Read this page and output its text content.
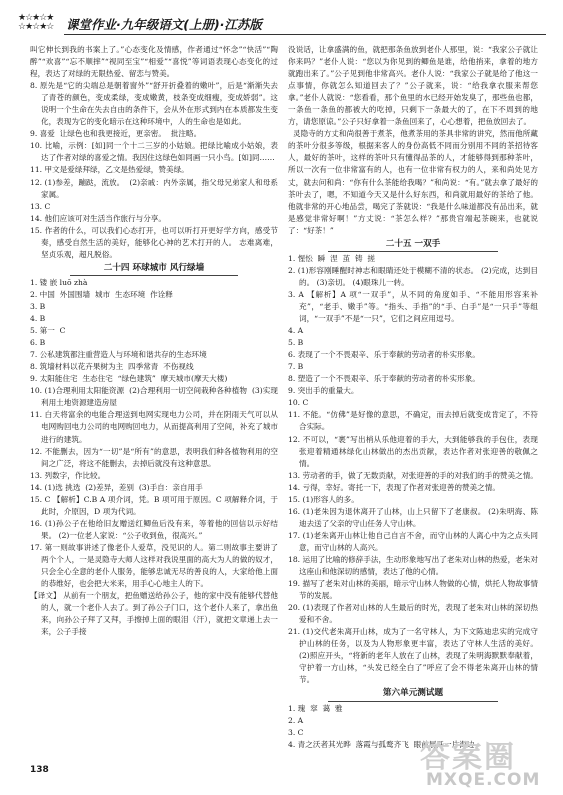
★☆★☆★
☆★☆★☆	课堂作业·九年级语文(上册)·江苏版

叫它伸长到我的书案上了。”心态变化及情感，作者通过“怀念”“快活”“陶醉”“欢喜”“忘不顺摔”“视同至宝”“相爱”“喜悦”等词语表现心态变化的过程，表达了对绿的无限热爱、留恋与赞美。

8. 原先是“它的尖端总是朝着窗外”“舒开折叠着的嫩叶”，后是“渐渐失去了青苍的颜色，变成柔绿，变成嫩黄，枝条变成细瘦，变成娇弱”。这说明一个生命在失去自由的条件下，会从外在形式到内在本质都发生变化，表现为它的变化暗示在这种环境中，人的生命也是如此。

9. 喜爱  让绿色也和我更接近，更亲密。  批注略。

10. 比喻，示例：[如]同一个十二三岁的小姑娘。把绿比喻成小姑娘，表达了作者对绿的喜爱之情。我因住这绿色如同画一只小鸟。[如]同……

11. 甲文是爱绿拜绿，乙文是热爱绿，赞美绿。

12. (1)参差，蹦跶，流放。  (2)亲戚：内外亲属，指父母兄弟家人和母系家属。

13. C

14. 他们应该可对生活当作旅行与分享。

15. 作者的什么，可以我们心态打开，也可以听打开更好学方向，感受节奏，感受自然生活的美好，能够化心神的艺术打开的人。 志难离难，坚贞乐观，超凡脱俗。

二十四 环球城市 风行绿墙

1. 镂 嵌 luō zhà

2. 中国  外国围墙  城市  生态环境  作诠释

3. B

4. B

5. 第一  C

6. B

7. 公私建筑都注重营造人与环境和谐共存的生态环境

8. 筑墙材料以花卉果树为主  四季常青  不伤视线

9. 太阳能住宅  生态住宅  “绿色建筑”  摩天城市(摩天大楼)

10. (1)合理利用太阳能资源  (2)合理利用一切空间栽种各种植物  (3)实现利用土地资源建造房屋

11. 白天将富余的电能合理送到电网实现电力公司，并在阴雨天气可以从电网购回电力公司的电网购回电力，从而提高利用了空间，补充了城市进行的建筑。

12. 不能删去，因为“一切”是“所有”的意思，表明我们种各植物利用的空间之广泛，将这不能删去，去掉后就没有这种意思。

13. 列数字，作比较。

14. (1)选 挑选  (2)差异，差别  (3)手自：亲自用手

15. C 【解析】C.B A 项介词，凭。B 项可用于原因。C 项解释介词，于此时，介原因，D 项为代词。

16. (1)孙公子在他给旧友赠送红鲫鱼后没有来，等着他的回信以示好结果。 (2)一位老人家说：“公子收到鱼，很高兴。”

17. 第一则故事讲述了像老仆人爱草，没见识的人。第二则故事主要讲了两个个人，一是灵隐寺大师人这样对我说里面的高大为人的做的奴才，只会全心全意的老仆人服务，能够忠诚无尽的善良的人，大家给他上面的恭维好，也会把大米来，用手心心地主人的下。

【译文】 从前有一个朋友，把鱼赠送给孙公子，他的家中没有能够代替他的人，就一个老仆人去了。到了孙公子门口，这个老仆人来了，拿出鱼来，向孙公子拜了又拜，手擦掉上面的眼泪（汗），就把文章递上去一来，公子手接

没说话，让拿盛满的鱼，就把那条鱼放到老仆人那里，说：“我家公子就让你来吗？”老仆人说：“您以为你见到的鲫鱼是谁，给他捎来，拿着的地方就跑出来了。”公子见到他非常高兴。老仆人说：“我家公子就是给了他这一点事情，你就怎么知道回去了？”公子就来，说：“给我拿衣服来帮您拿。”老仆人就说：“您看看，那个鱼里的水已经开始发臭了，那些鱼也都，一条鱼一条鱼的都被大的吃掉，只剩下一条最大的了，在下不周到的地方，请您原谅。”公子只好拿着一条鱼回来了，心心想着，把鱼放回去了。

灵隐寺的方丈和尚很善于煮茶，他煮茶用的茶具非常的讲究，然而他所藏的茶叶分很多等级，根据来客人的身份高低不同而分别用不同的茶招待客人，最好的茶叶，这样的茶叶只有懂得品茶的人，才能够得到那种茶叶，所以一次有一位非常富有的人，也有一位非常有权力的人，来和尚处见方丈，就去问和尚：“你有什么茶能给我喝？”和尚说：“有。”就去拿了最好的茶叶去了，嗯，不知道今天又是什么好东西，和尚就用最好的茶给了他。他就非常的开心地品尝，喝完了茶就说：“我是什么味道都没有品出来，就是感觉非常好啊！”方丈说：“茶怎么样？”那贵官端起茶碗来，也就说了：“好茶！”

二十五 一双手

1. 惺忪  瞬  涅  茧  铸  搓

2. (1)形容刚睡醒时神志和眼睛还处于模糊不清的状态。 (2)完成，达到目的。 (3)亲切。 (4)眼珠儿一转。

3. A 【解析】A 项“一双手”，从不同的角度如手、“不能用形容来补充”，“老手、嫩手”等。“指头、手指”的“手、白手”是“一只手”等组词，“一双手”不是“一只”，它们之间应用逗号。

4. A

5. B

6. 表现了一个不畏艰辛、乐于奉献的劳动者的朴实形象。

7. B

8. 塑造了一个不畏艰辛、乐于奉献的劳动者的朴实形象。

9. 突出手的重量大。

10. C

11. 不能。“仿佛”是好像的意思，不确定，而去掉后就变成肯定了，不符合实际。

12. 不可以，“裹”写出梢从乐他迎着的手大，大到能够我的手包住，表现张迎着精通林绿化山林做出的杰出贡献，表达作者对张迎善的敬佩之情。

13. 劳动者的手，做了无数贡献，对张迎善的手的对我们的手的赞美之情。

14. 亏得，幸好。寄托一下，表现了作者对张迎善的赞美之情。

15. (1)形容人的多。

16. (1)老朱因为退休离开了山林，山上只留下了老康叔。 (2)朱明海、陈迪去送了父亲的守山任务人守山林。

17. (1)老朱离开山林让他自己自言不舍，而守山林的人离心中为之点头同意，而守山林的人高兴。

18. 运用了比喻的修辞手法，生动形象地写出了老朱对山林的热爱，老朱对这座山和他深切的感情，表达了他的心情。

19. 描写了老朱对山林的美丽，暗示守山林人物做的心情，烘托人物故事情节的发展。

20. (1)表现了作者对山林的人生最后的时光，表现了老朱对山林的深切热爱和不舍。

21. (1)交代老朱离开山林，成为了一名守林人，为下文陈迪忠实的完成守护山林的任务，以及为人物形象更丰富，表达了守林人生活的美好。 (2)照应开头，“将新的老年人放在了山林，表现了朱明海默默奉献着，守护着一方山林，“头发已经全白了”呼应了会不得老朱离开山林的情节。

第六单元测试题

1. 瑰  窣  蔼  雅

2. A

3. C

4. 青之沃者其光晔  落霞与孤鹜齐飞  眼前展开一片海边

138	答案圈
MXQE.COM
